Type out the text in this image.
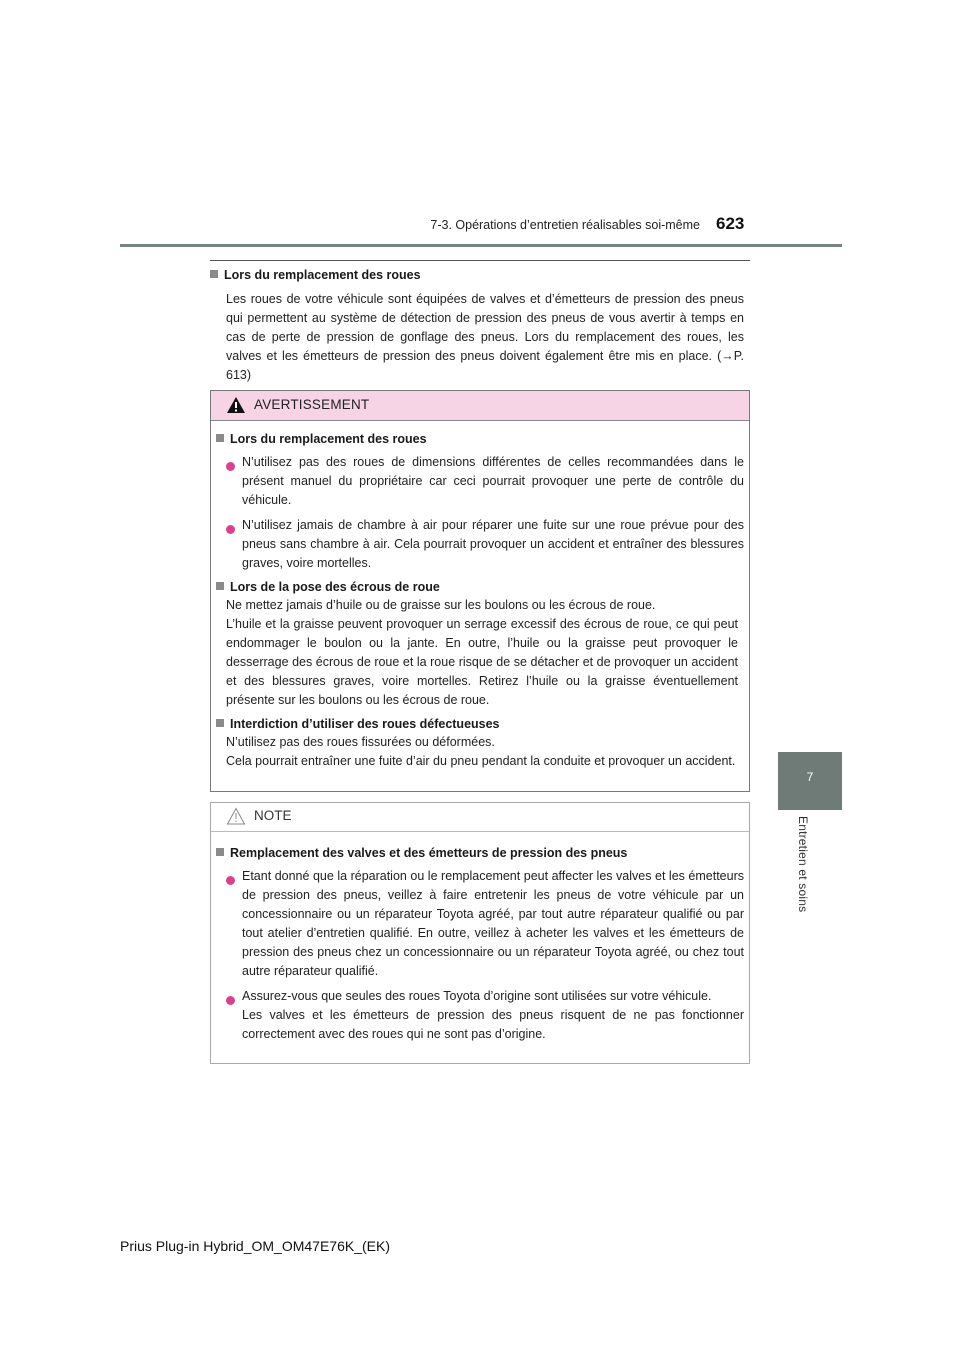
7-3. Opérations d’entretien réalisables soi-même 623
7
Entretien et soins
Lors du remplacement des roues
Les roues de votre véhicule sont équipées de valves et d’émetteurs de pression des pneus qui permettent au système de détection de pression des pneus de vous avertir à temps en cas de perte de pression de gonflage des pneus. Lors du remplacement des roues, les valves et les émetteurs de pression des pneus doivent également être mis en place. (→P. 613)
AVERTISSEMENT
Lors du remplacement des roues
N’utilisez pas des roues de dimensions différentes de celles recommandées dans le présent manuel du propriétaire car ceci pourrait provoquer une perte de contrôle du véhicule.
N’utilisez jamais de chambre à air pour réparer une fuite sur une roue prévue pour des pneus sans chambre à air. Cela pourrait provoquer un accident et entraîner des blessures graves, voire mortelles.
Lors de la pose des écrous de roue
Ne mettez jamais d’huile ou de graisse sur les boulons ou les écrous de roue.
L’huile et la graisse peuvent provoquer un serrage excessif des écrous de roue, ce qui peut endommager le boulon ou la jante. En outre, l’huile ou la graisse peut provoquer le desserrage des écrous de roue et la roue risque de se détacher et de provoquer un accident et des blessures graves, voire mortelles. Retirez l’huile ou la graisse éventuellement présente sur les boulons ou les écrous de roue.
Interdiction d’utiliser des roues défectueuses
N’utilisez pas des roues fissurées ou déformées.
Cela pourrait entraîner une fuite d’air du pneu pendant la conduite et provoquer un accident.
NOTE
Remplacement des valves et des émetteurs de pression des pneus
Etant donné que la réparation ou le remplacement peut affecter les valves et les émetteurs de pression des pneus, veillez à faire entretenir les pneus de votre véhicule par un concessionnaire ou un réparateur Toyota agréé, par tout autre réparateur qualifié ou par tout atelier d’entretien qualifié. En outre, veillez à acheter les valves et les émetteurs de pression des pneus chez un concessionnaire ou un réparateur Toyota agréé, ou chez tout autre réparateur qualifié.
Assurez-vous que seules des roues Toyota d’origine sont utilisées sur votre véhicule.
Les valves et les émetteurs de pression des pneus risquent de ne pas fonctionner correctement avec des roues qui ne sont pas d’origine.
Prius Plug-in Hybrid_OM_OM47E76K_(EK)
